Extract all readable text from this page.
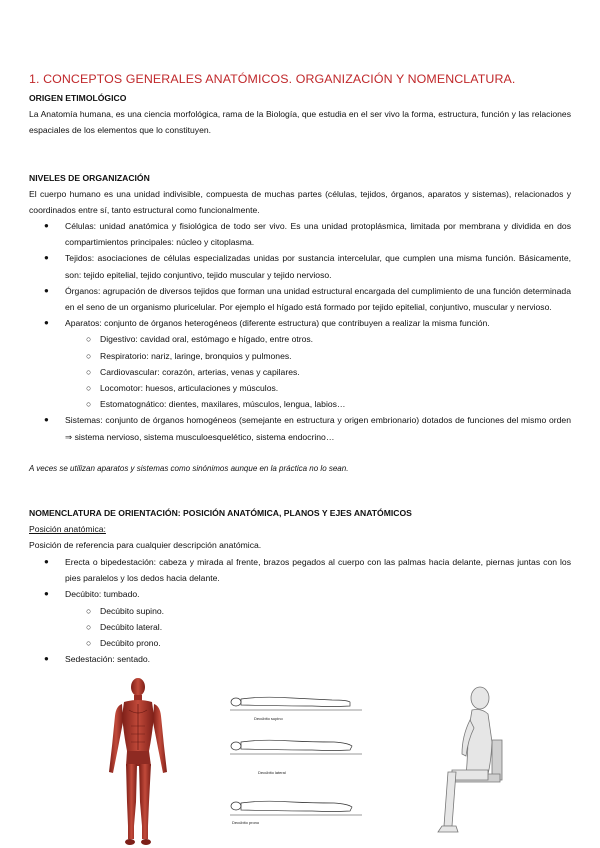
1. CONCEPTOS GENERALES ANATÓMICOS. ORGANIZACIÓN Y NOMENCLATURA.
ORIGEN ETIMOLÓGICO
La Anatomía humana, es una ciencia morfológica, rama de la Biología, que estudia en el ser vivo la forma, estructura, función y las relaciones espaciales de los elementos que lo constituyen.
NIVELES DE ORGANIZACIÓN
El cuerpo humano es una unidad indivisible, compuesta de muchas partes (células, tejidos, órganos, aparatos y sistemas), relacionados y coordinados entre sí, tanto estructural como funcionalmente.
● Células: unidad anatómica y fisiológica de todo ser vivo. Es una unidad protoplásmica, limitada por membrana y dividida en dos compartimientos principales: núcleo y citoplasma.
● Tejidos: asociaciones de células especializadas unidas por sustancia intercelular, que cumplen una misma función. Básicamente, son: tejido epitelial, tejido conjuntivo, tejido muscular y tejido nervioso.
● Órganos: agrupación de diversos tejidos que forman una unidad estructural encargada del cumplimiento de una función determinada en el seno de un organismo pluricelular. Por ejemplo el hígado está formado por tejido epitelial, conjuntivo, muscular y nervioso.
● Aparatos: conjunto de órganos heterogéneos (diferente estructura) que contribuyen a realizar la misma función.
○ Digestivo: cavidad oral, estómago e hígado, entre otros.
○ Respiratorio: nariz, laringe, bronquios y pulmones.
○ Cardiovascular: corazón, arterias, venas y capilares.
○ Locomotor: huesos, articulaciones y músculos.
○ Estomatognático: dientes, maxilares, músculos, lengua, labios…
● Sistemas: conjunto de órganos homogéneos (semejante en estructura y origen embrionario) dotados de funciones del mismo orden ⇒ sistema nervioso, sistema musculoesquelético, sistema endocrino…
A veces se utilizan aparatos y sistemas como sinónimos aunque en la práctica no lo sean.
NOMENCLATURA DE ORIENTACIÓN: POSICIÓN ANATÓMICA, PLANOS Y EJES ANATÓMICOS
Posición anatómica:
Posición de referencia para cualquier descripción anatómica.
● Erecta o bipedestación: cabeza y mirada al frente, brazos pegados al cuerpo con las palmas hacia delante, piernas juntas con los pies paralelos y los dedos hacia delante.
● Decúbito: tumbado.
○ Decúbito supino.
○ Decúbito lateral.
○ Decúbito prono.
● Sedestación: sentado.
Decúbito supino
Decúbito lateral
Decúbito prono
